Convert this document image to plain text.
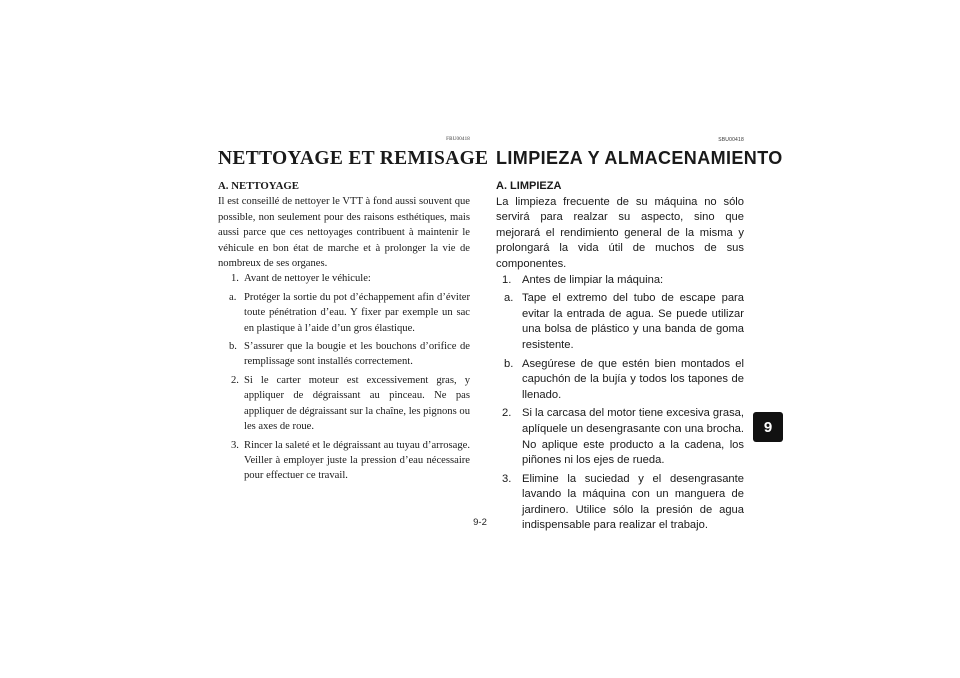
FBU00418
NETTOYAGE ET REMISAGE
A. NETTOYAGE
Il est conseillé de nettoyer le VTT à fond aussi souvent que possible, non seulement pour des raisons esthétiques, mais aussi parce que ces nettoyages contribuent à maintenir le véhicule en bon état de marche et à prolonger la vie de nombreux de ses organes.
1. Avant de nettoyer le véhicule:
a. Protéger la sortie du pot d’échappement afin d’éviter toute pénétration d’eau. Y fixer par exemple un sac en plastique à l’aide d’un gros élastique.
b. S’assurer que la bougie et les bouchons d’orifice de remplissage sont installés correctement.
2. Si le carter moteur est excessivement gras, y appliquer de dégraissant au pinceau. Ne pas appliquer de dégraissant sur la chaîne, les pignons ou les axes de roue.
3. Rincer la saleté et le dégraissant au tuyau d’arrosage. Veiller à employer juste la pression d’eau nécessaire pour effectuer ce travail.
SBU00418
LIMPIEZA Y ALMACENAMIENTO
A. LIMPIEZA
La limpieza frecuente de su máquina no sólo servirá para realzar su aspecto, sino que mejorará el rendimiento general de la misma y prolongará la vida útil de muchos de sus componentes.
1. Antes de limpiar la máquina:
a. Tape el extremo del tubo de escape para evitar la entrada de agua. Se puede utilizar una bolsa de plástico y una banda de goma resistente.
b. Asegúrese de que estén bien montados el capuchón de la bujía y todos los tapones de llenado.
2. Si la carcasa del motor tiene excesiva grasa, aplíquele un desengrasante con una brocha. No aplique este producto a la cadena, los piñones ni los ejes de rueda.
3. Elimine la suciedad y el desengrasante lavando la máquina con un manguera de jardinero. Utilice sólo la presión de agua indispensable para realizar el trabajo.
9
9-2
